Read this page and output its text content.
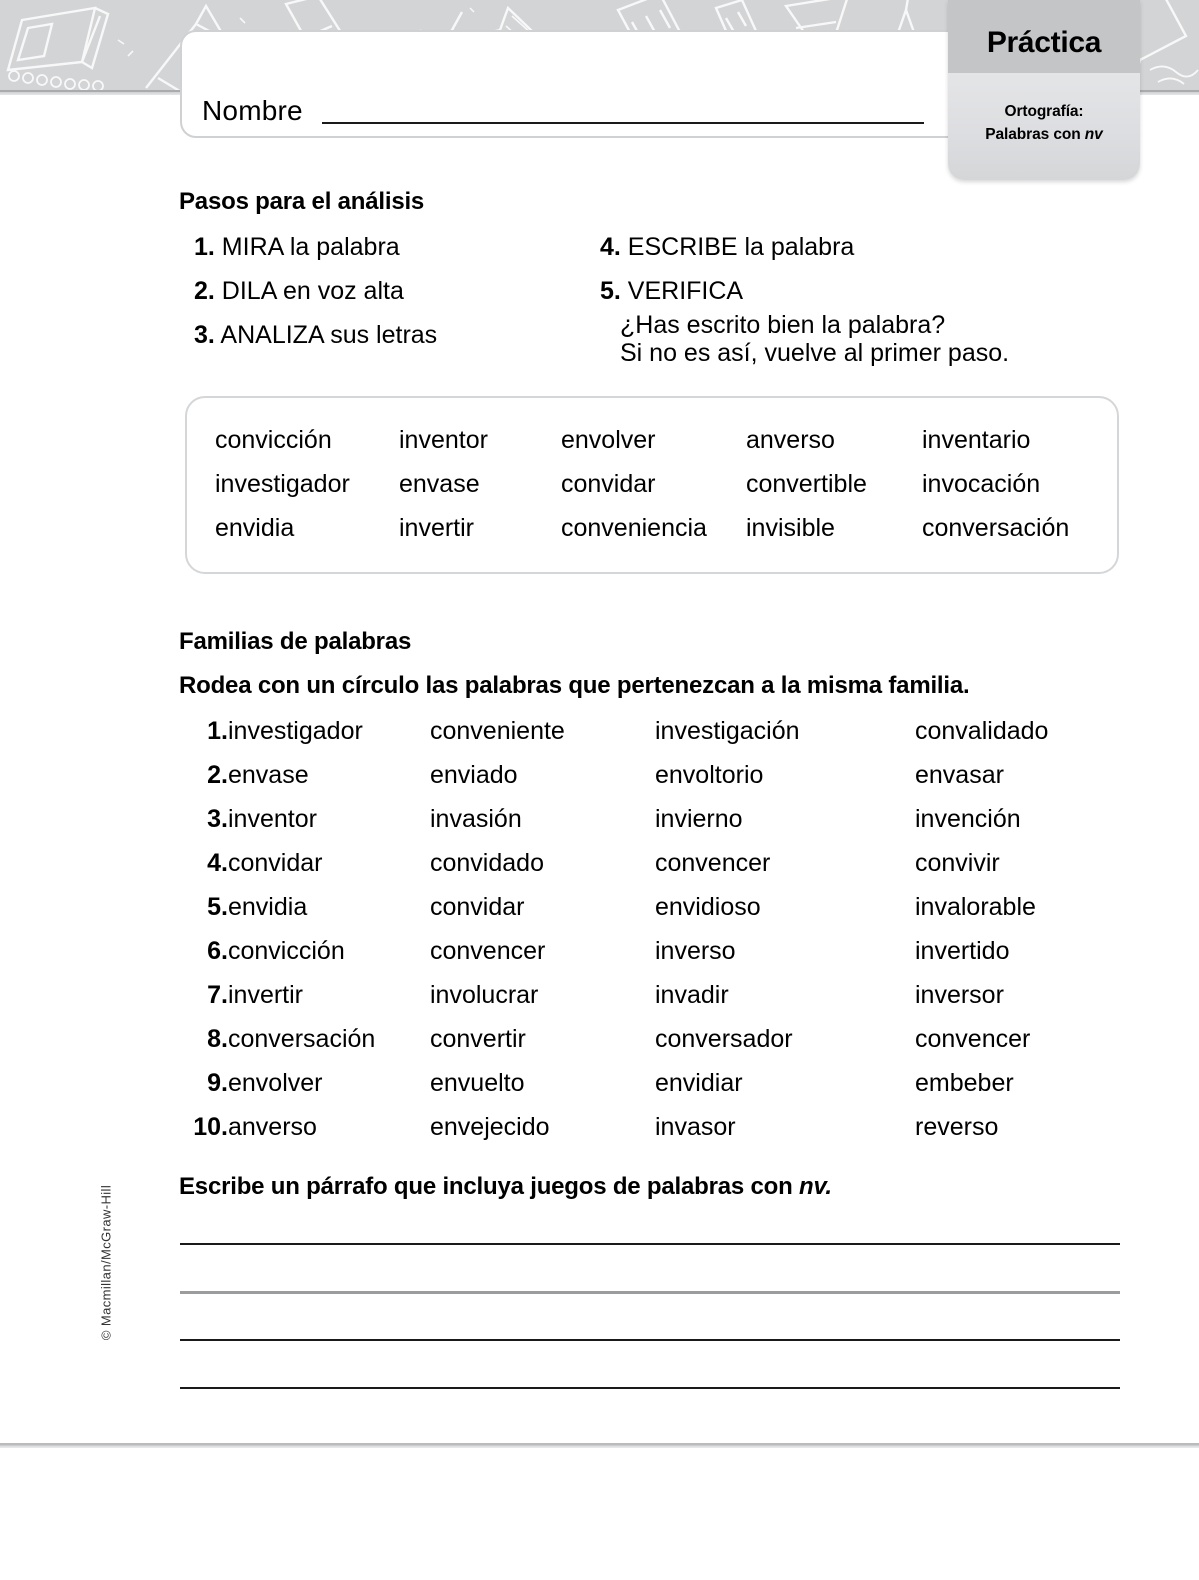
Nombre
Práctica
Ortografía:
Palabras con nv
Pasos para el análisis
1. MIRA la palabra
2. DILA en voz alta
3. ANALIZA sus letras
4. ESCRIBE la palabra
5. VERIFICA
¿Has escrito bien la palabra?
Si no es así, vuelve al primer paso.
convicción	inventor	envolver	anverso	inventario
investigador envase	convidar	convertible invocación
envidia	invertir	conveniencia invisible	conversación
Familias de palabras
Rodea con un círculo las palabras que pertenezcan a la misma familia.
1. investigador	conveniente	investigación	convalidado
2. envase	enviado	envoltorio	envasar
3. inventor	invasión	invierno	invención
4. convidar	convidado	convencer	convivir
5. envidia	convidar	envidioso	invalorable
6. convicción	convencer	inverso	invertido
7. invertir	involucrar	invadir	inversor
8. conversación convertir	conversador	convencer
9. envolver	envuelto	envidiar	embeber
10. anverso	envejecido	invasor	reverso
Escribe un párrafo que incluya juegos de palabras con nv.
© Macmillan/McGraw-Hill
